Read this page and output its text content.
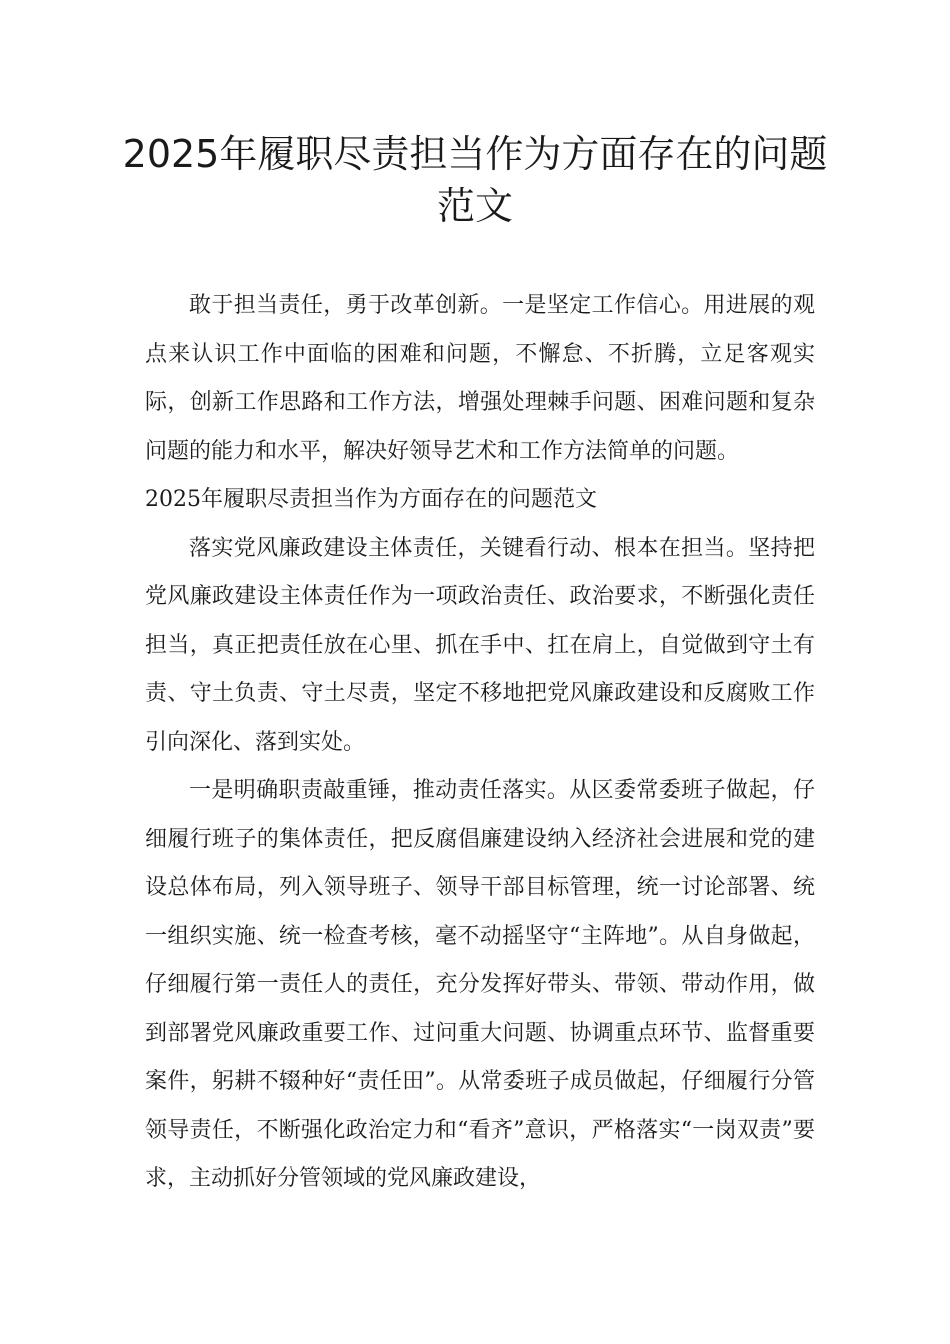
2025年履职尽责担当作为方面存在的问题范文

敢于担当责任，勇于改革创新。一是坚定工作信心。用进展的观点来认识工作中面临的困难和问题，不懈怠、不折腾，立足客观实际，创新工作思路和工作方法，增强处理棘手问题、困难问题和复杂问题的能力和水平，解决好领导艺术和工作方法简单的问题。

2025年履职尽责担当作为方面存在的问题范文

落实党风廉政建设主体责任，关键看行动、根本在担当。坚持把党风廉政建设主体责任作为一项政治责任、政治要求，不断强化责任担当，真正把责任放在心里、抓在手中、扛在肩上，自觉做到守土有责、守土负责、守土尽责，坚定不移地把党风廉政建设和反腐败工作引向深化、落到实处。

一是明确职责敲重锤，推动责任落实。从区委常委班子做起，仔细履行班子的集体责任，把反腐倡廉建设纳入经济社会进展和党的建设总体布局，列入领导班子、领导干部目标管理，统一讨论部署、统一组织实施、统一检查考核，毫不动摇坚守“主阵地”。从自身做起，仔细履行第一责任人的责任，充分发挥好带头、带领、带动作用，做到部署党风廉政重要工作、过问重大问题、协调重点环节、监督重要案件，躬耕不辍种好“责任田”。从常委班子成员做起，仔细履行分管领导责任，不断强化政治定力和“看齐”意识，严格落实“一岗双责”要求，主动抓好分管领域的党风廉政建设，
